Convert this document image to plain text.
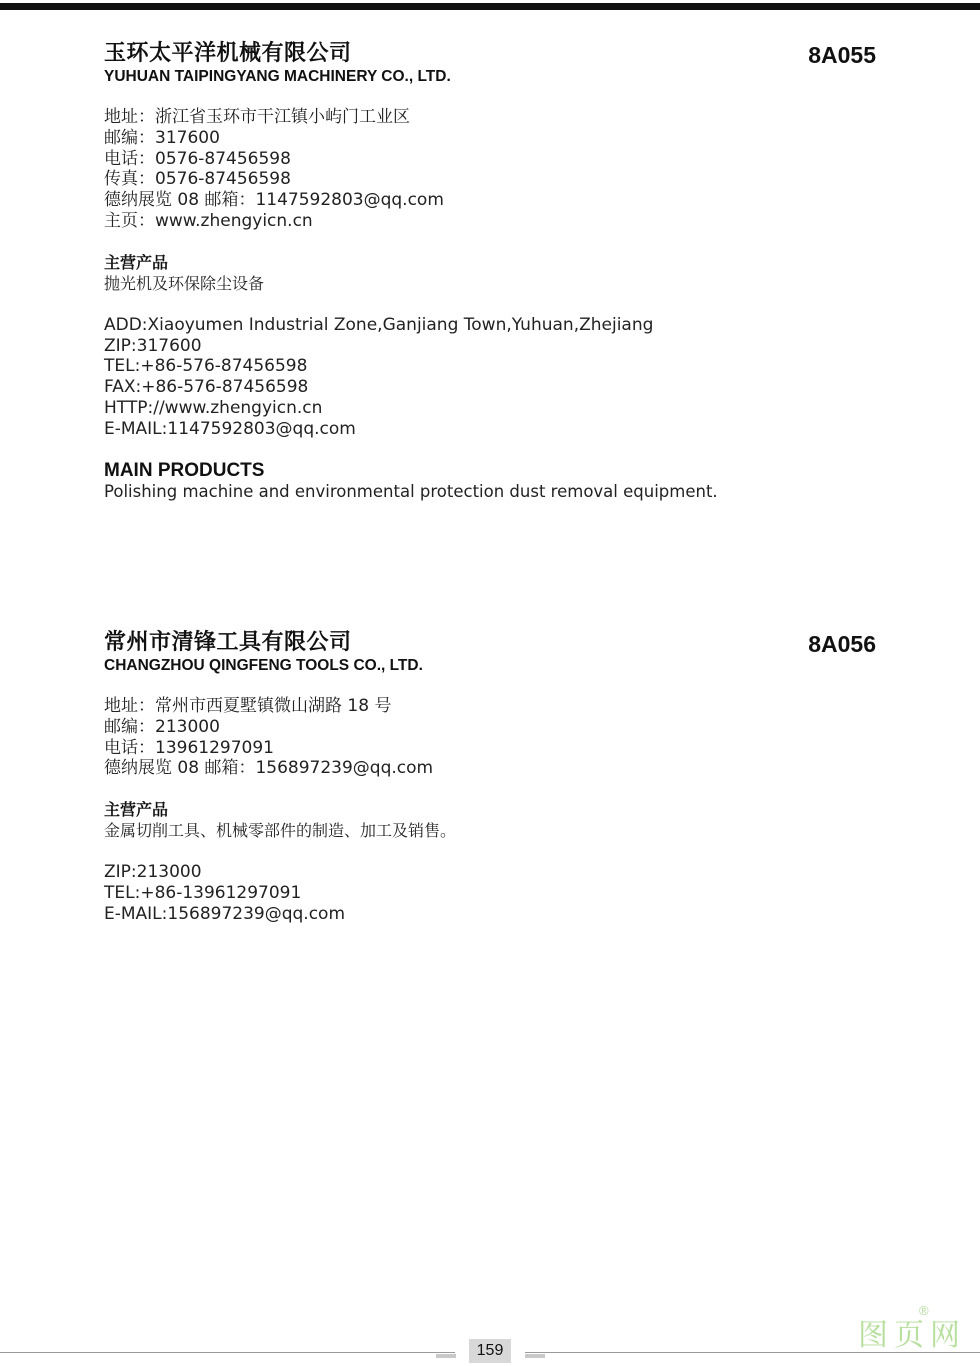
玉环太平洋机械有限公司
YUHUAN TAIPINGYANG MACHINERY CO., LTD.
8A055
地址：浙江省玉环市干江镇小屿门工业区
邮编：317600
电话：0576-87456598
传真：0576-87456598
德纳展览 08 邮箱：1147592803@qq.com
主页：www.zhengyicn.cn
主营产品
抛光机及环保除尘设备
ADD:Xiaoyumen Industrial Zone,Ganjiang Town,Yuhuan,Zhejiang
ZIP:317600
TEL:+86-576-87456598
FAX:+86-576-87456598
HTTP://www.zhengyicn.cn
E-MAIL:1147592803@qq.com
MAIN PRODUCTS
Polishing machine and environmental protection dust removal equipment.
常州市清锋工具有限公司
CHANGZHOU QINGFENG TOOLS CO., LTD.
8A056
地址：常州市西夏墅镇微山湖路 18 号
邮编：213000
电话：13961297091
德纳展览 08 邮箱：156897239@qq.com
主营产品
金属切削工具、机械零部件的制造、加工及销售。
ZIP:213000
TEL:+86-13961297091
E-MAIL:156897239@qq.com
159	图页网
®
